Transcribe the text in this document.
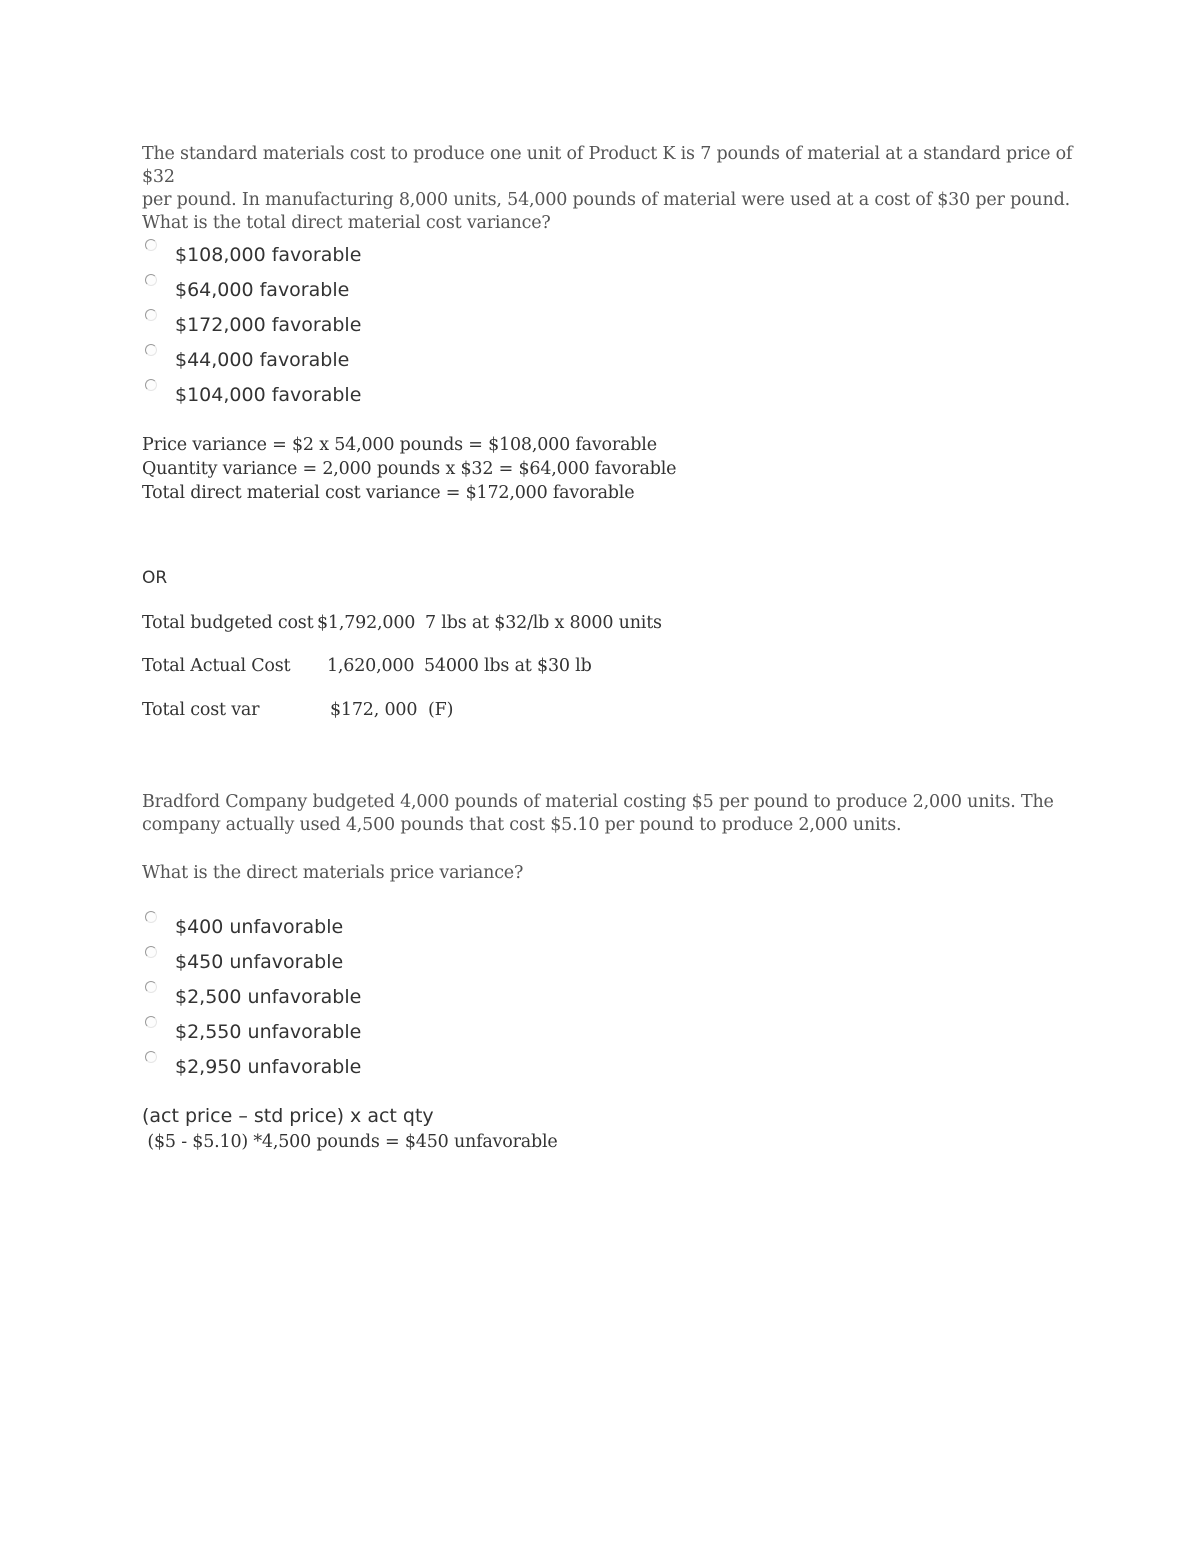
The standard materials cost to produce one unit of Product K is 7 pounds of material at a standard price of $32
per pound. In manufacturing 8,000 units, 54,000 pounds of material were used at a cost of $30 per pound.
What is the total direct material cost variance?
$108,000 favorable
$64,000 favorable
$172,000 favorable
$44,000 favorable
$104,000 favorable
Price variance = $2 x 54,000 pounds = $108,000 favorable
Quantity variance = 2,000 pounds x $32 = $64,000 favorable
Total direct material cost variance = $172,000 favorable
OR

Total budgeted cost

$1,792,000

7 lbs at $32/lb x 8000 units

Total Actual Cost

1,620,000

54000 lbs at $30 lb

Total cost var

	$172, 000

(F)

Bradford Company budgeted 4,000 pounds of material costing $5 per pound to produce 2,000 units. The
company actually used 4,500 pounds that cost $5.10 per pound to produce 2,000 units.
What is the direct materials price variance?
$400 unfavorable
$450 unfavorable
$2,500 unfavorable
$2,550 unfavorable
$2,950 unfavorable
(act price – std price) x act qty
($5 - $5.10) *4,500 pounds = $450 unfavorable
